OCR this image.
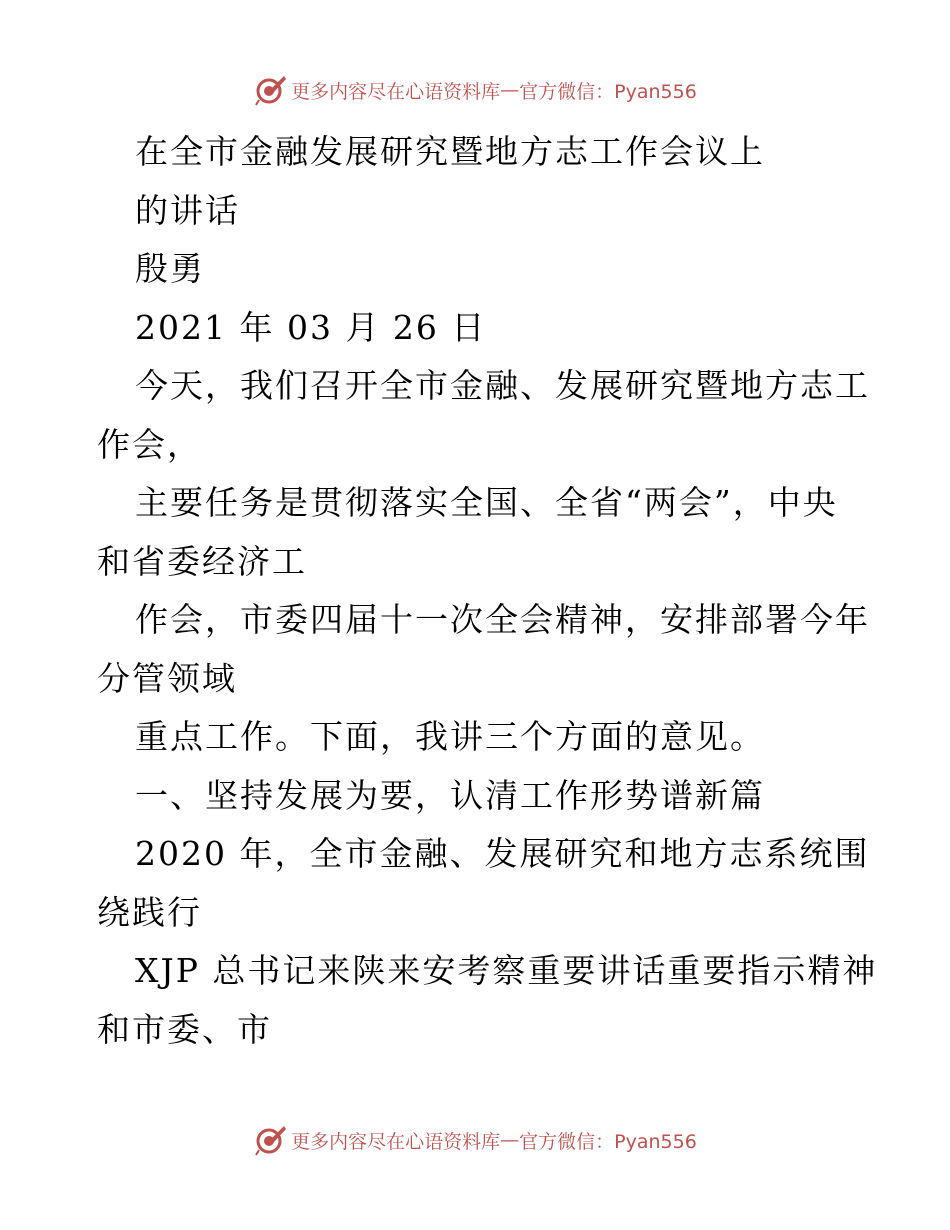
更多内容尽在心语资料库 — 官方微信：Pyan556
在全市金融发展研究暨地方志工作会议上
的讲话
殷勇
2021 年 03 月 26 日
今天，我们召开全市金融、发展研究暨地方志工
作会，
主要任务是贯彻落实全国、全省“两会”，中央
和省委经济工
作会，市委四届十一次全会精神，安排部署今年
分管领域
重点工作。下面，我讲三个方面的意见。
一、坚持发展为要，认清工作形势谱新篇
2020 年，全市金融、发展研究和地方志系统围
绕践行
XJP 总书记来陕来安考察重要讲话重要指示精神
和市委、市
更多内容尽在心语资料库 — 官方微信：Pyan556
